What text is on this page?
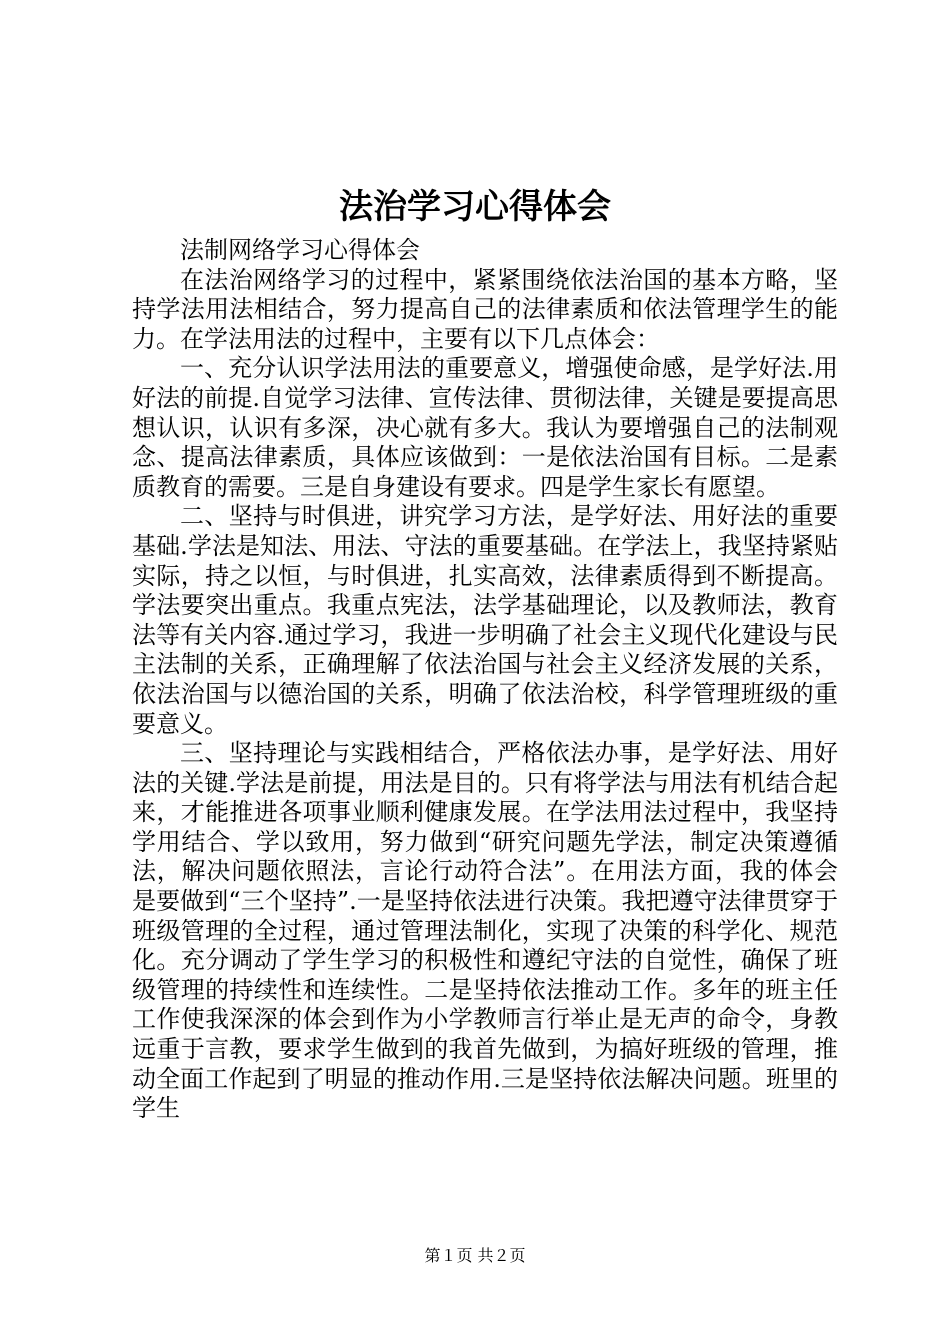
法治学习心得体会

法制网络学习心得体会

在法治网络学习的过程中，紧紧围绕依法治国的基本方略，坚持学法用法相结合，努力提高自己的法律素质和依法管理学生的能力。在学法用法的过程中，主要有以下几点体会：

一、充分认识学法用法的重要意义，增强使命感，是学好法.用好法的前提.自觉学习法律、宣传法律、贯彻法律，关键是要提高思想认识，认识有多深，决心就有多大。我认为要增强自己的法制观念、提高法律素质，具体应该做到：一是依法治国有目标。二是素质教育的需要。三是自身建设有要求。四是学生家长有愿望。

二、坚持与时俱进，讲究学习方法，是学好法、用好法的重要基础.学法是知法、用法、守法的重要基础。在学法上，我坚持紧贴实际，持之以恒，与时俱进，扎实高效，法律素质得到不断提高。学法要突出重点。我重点宪法，法学基础理论，以及教师法，教育法等有关内容.通过学习，我进一步明确了社会主义现代化建设与民主法制的关系，正确理解了依法治国与社会主义经济发展的关系，依法治国与以德治国的关系，明确了依法治校，科学管理班级的重要意义。

三、坚持理论与实践相结合，严格依法办事，是学好法、用好法的关键.学法是前提，用法是目的。只有将学法与用法有机结合起来，才能推进各项事业顺利健康发展。在学法用法过程中，我坚持学用结合、学以致用，努力做到“研究问题先学法，制定决策遵循法，解决问题依照法，言论行动符合法”。在用法方面，我的体会是要做到“三个坚持”.一是坚持依法进行决策。我把遵守法律贯穿于班级管理的全过程，通过管理法制化，实现了决策的科学化、规范化。充分调动了学生学习的积极性和遵纪守法的自觉性，确保了班级管理的持续性和连续性。二是坚持依法推动工作。多年的班主任工作使我深深的体会到作为小学教师言行举止是无声的命令，身教远重于言教，要求学生做到的我首先做到，为搞好班级的管理，推动全面工作起到了明显的推动作用.三是坚持依法解决问题。班里的学生

第１页 共２页
